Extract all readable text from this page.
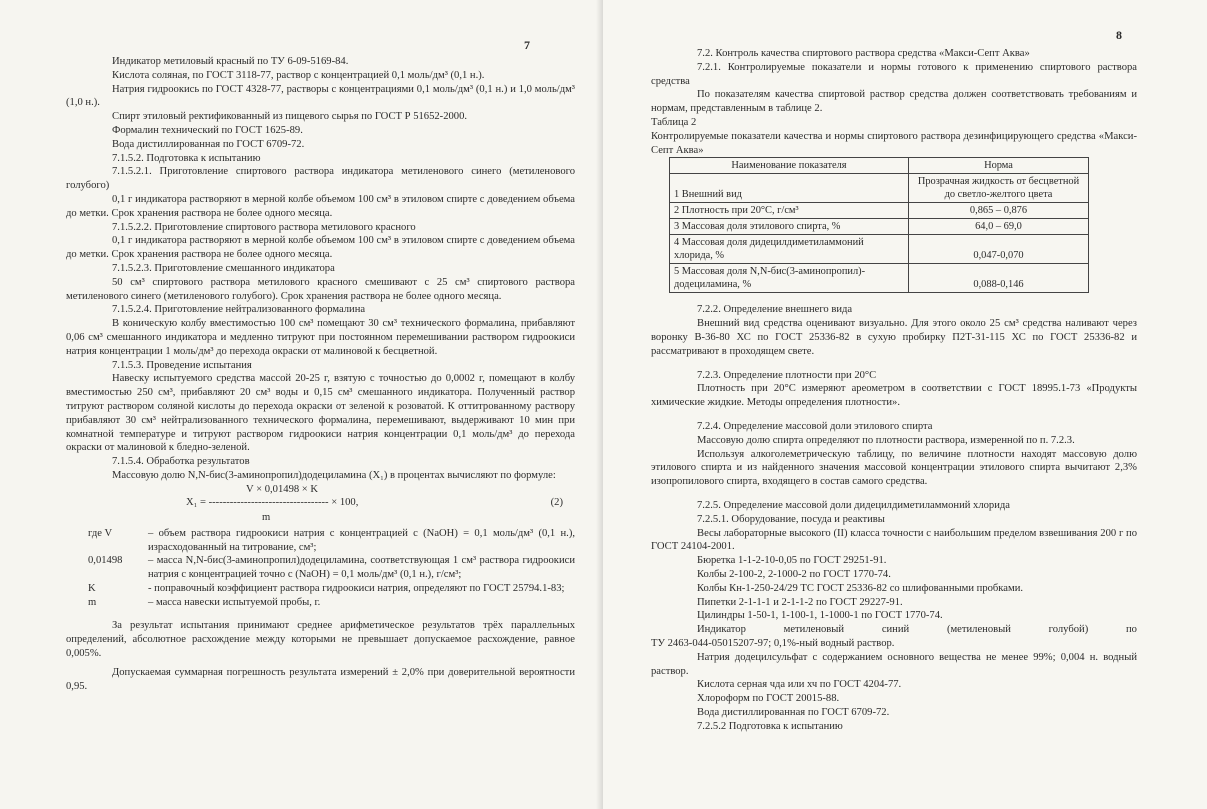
7

Индикатор метиловый красный по ТУ 6-09-5169-84.

Кислота соляная, по ГОСТ 3118-77, раствор с концентрацией 0,1 моль/дм³ (0,1 н.).

Натрия гидроокись по ГОСТ 4328-77, растворы с концентрациями 0,1 моль/дм³ (0,1 н.) и 1,0 моль/дм³ (1,0 н.).

Спирт этиловый ректификованный из пищевого сырья по ГОСТ Р 51652-2000.

Формалин технический по ГОСТ 1625-89.

Вода дистиллированная по ГОСТ 6709-72.

7.1.5.2. Подготовка к испытанию

7.1.5.2.1. Приготовление спиртового раствора индикатора метиленового синего (метиленового голубого)

0,1 г индикатора растворяют в мерной колбе объемом 100 см³ в этиловом спирте с доведением объема до метки. Срок хранения раствора не более одного месяца.

7.1.5.2.2. Приготовление спиртового раствора метилового красного

0,1 г индикатора растворяют в мерной колбе объемом 100 см³ в этиловом спирте с доведением объема до метки. Срок хранения раствора не более одного месяца.

7.1.5.2.3. Приготовление смешанного индикатора

50 см³ спиртового раствора метилового красного смешивают с 25 см³ спиртового раствора метиленового синего (метиленового голубого). Срок хранения раствора не более одного месяца.

7.1.5.2.4. Приготовление нейтрализованного формалина

В коническую колбу вместимостью 100 см³ помещают 30 см³ технического формалина, прибавляют 0,06 см³ смешанного индикатора и медленно титруют при постоянном перемешивании раствором гидроокиси натрия концентрации 1 моль/дм³ до перехода окраски от малиновой к бесцветной.

7.1.5.3. Проведение испытания

Навеску испытуемого средства массой 20-25 г, взятую с точностью до 0,0002 г, помещают в колбу вместимостью 250 см³, прибавляют 20 см³ воды и 0,15 см³ смешанного индикатора. Полученный раствор титруют раствором соляной кислоты до перехода окраски от зеленой к розоватой. К оттитрованному раствору прибавляют 30 см³ нейтрализованного технического формалина, перемешивают, выдерживают 10 мин при комнатной температуре и титруют раствором гидроокиси натрия концентрации 0,1 моль/дм³ до перехода окраски от малиновой к бледно-зеленой.

7.1.5.4. Обработка результатов

Массовую долю N,N-бис(3-аминопропил)додециламина (X₁) в процентах вычисляют по формуле:

V × 0,01498 × K
X₁ = ---------------------------------- × 100,	(2)
m
где V	– объем раствора гидроокиси натрия с концентрацией c (NaOH) = 0,1 моль/дм³ (0,1 н.), израсходованный на титрование, см³;
0,01498	– масса N,N-бис(3-аминопропил)додециламина, соответствующая 1 см³ раствора гидроокиси натрия с концентрацией точно c (NaOH) = 0,1 моль/дм³ (0,1 н.), г/см³;
K	- поправочный коэффициент раствора гидроокиси натрия, определяют по ГОСТ 25794.1-83;
m	– масса навески испытуемой пробы, г.

За результат испытания принимают среднее арифметическое результатов трёх параллельных определений, абсолютное расхождение между которыми не превышает допускаемое расхождение, равное 0,005%.

Допускаемая суммарная погрешность результата измерений ± 2,0% при доверительной вероятности 0,95.

8

7.2. Контроль качества спиртового раствора средства «Макси-Септ Аква»

7.2.1. Контролируемые показатели и нормы готового к применению спиртового раствора средства

По показателям качества спиртовой раствор средства должен соответствовать требованиям и нормам, представленным в таблице 2.

Таблица 2

Контролируемые показатели качества и нормы спиртового раствора дезинфицирующего средства «Макси-Септ Аква»

Наименование показателя	Норма
1 Внешний вид	Прозрачная жидкость от бесцветной до светло-желтого цвета
2 Плотность при 20°С, г/см³	0,865 – 0,876
3 Массовая доля этилового спирта, %	64,0 – 69,0
4 Массовая доля дидецилдиметиламмоний хлорида, %	0,047-0,070
5 Массовая доля N,N-бис(3-аминопропил)-додециламина, %	0,088-0,146

7.2.2. Определение внешнего вида

Внешний вид средства оценивают визуально. Для этого около 25 см³ средства наливают через воронку В-36-80 ХС по ГОСТ 25336-82 в сухую пробирку П2Т-31-115 ХС по ГОСТ 25336-82 и рассматривают в проходящем свете.

7.2.3. Определение плотности при 20°С

Плотность при 20°С измеряют ареометром в соответствии с ГОСТ 18995.1-73 «Продукты химические жидкие. Методы определения плотности».

7.2.4. Определение массовой доли этилового спирта

Массовую долю спирта определяют по плотности раствора, измеренной по п. 7.2.3.

Используя алкоголеметрическую таблицу, по величине плотности находят массовую долю этилового спирта и из найденного значения массовой концентрации этилового спирта вычитают 2,3% изопропилового спирта, входящего в состав самого средства.

7.2.5. Определение массовой доли дидецилдиметиламмоний хлорида

7.2.5.1. Оборудование, посуда и реактивы

Весы лабораторные высокого (II) класса точности с наибольшим пределом взвешивания 200 г по ГОСТ 24104-2001.

Бюретка 1-1-2-10-0,05 по ГОСТ 29251-91.

Колбы 2-100-2, 2-1000-2 по ГОСТ 1770-74.

Колбы Кн-1-250-24/29 ТС ГОСТ 25336-82 со шлифованными пробками.

Пипетки 2-1-1-1 и 2-1-1-2 по ГОСТ 29227-91.

Цилиндры 1-50-1, 1-100-1, 1-1000-1 по ГОСТ 1770-74.

Индикатор	метиленовый	синий	(метиленовый	голубой)	по

ТУ 2463-044-05015207-97; 0,1%-ный водный раствор.

Натрия додецилсульфат с содержанием основного вещества не менее 99%; 0,004 н. водный раствор.

Кислота серная чда или хч по ГОСТ 4204-77.

Хлороформ по ГОСТ 20015-88.

Вода дистиллированная по ГОСТ 6709-72.

7.2.5.2 Подготовка к испытанию
